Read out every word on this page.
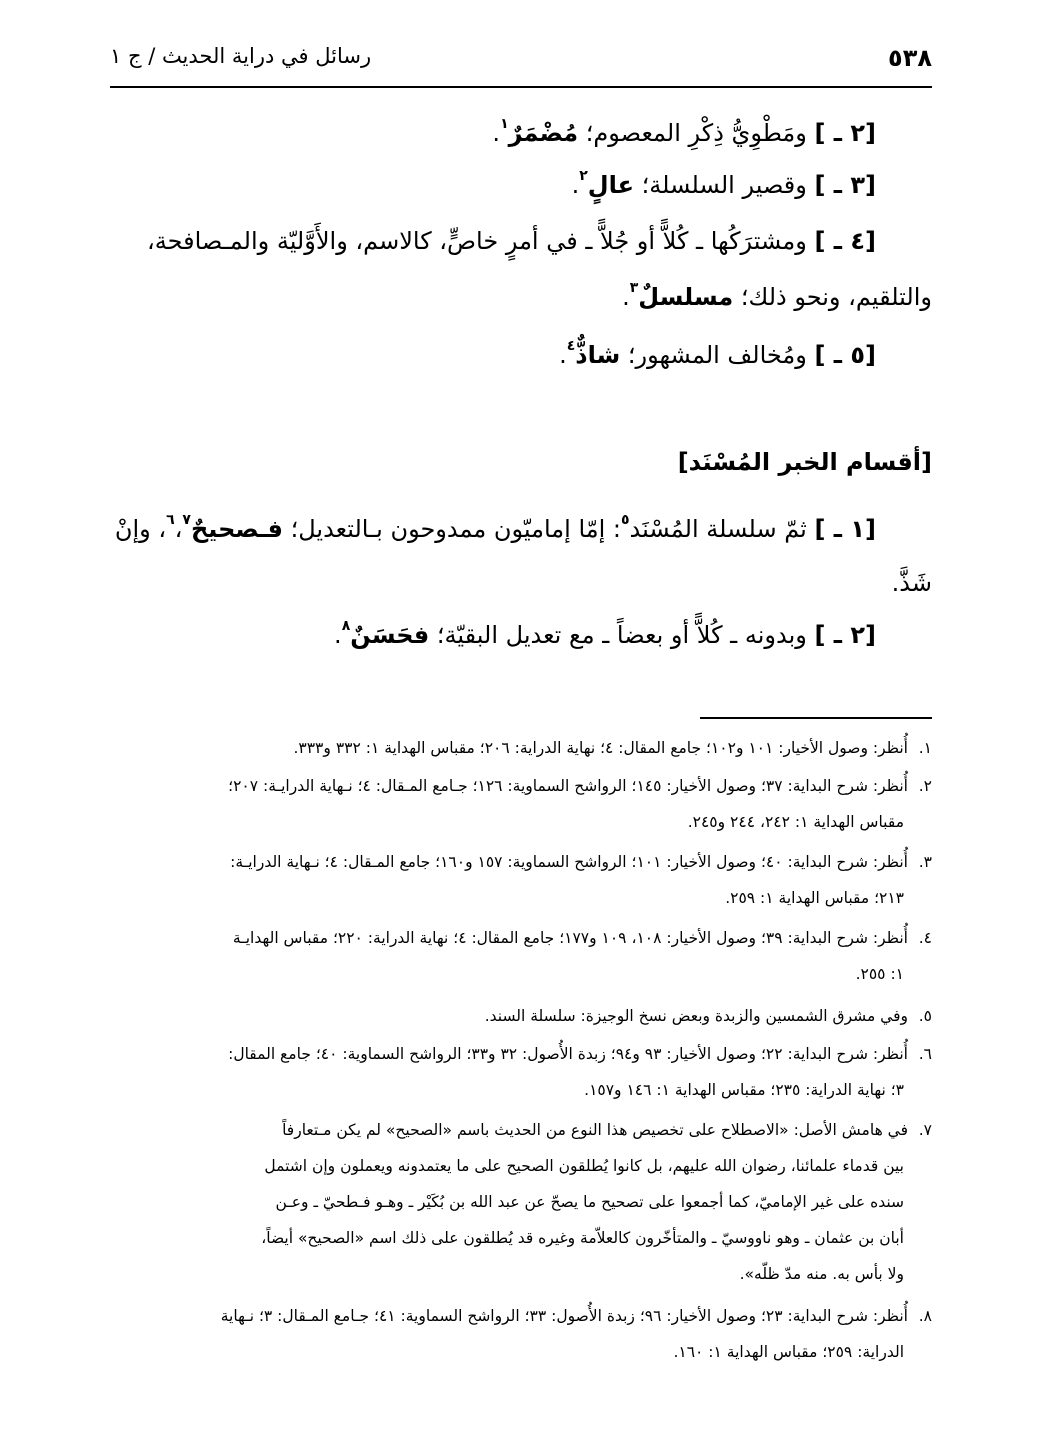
٥٣٨
رسائل في دراية الحديث / ج ١
[٢ ـ ] ومَطْوِيُّ ذِكْرِ المعصوم؛ مُضْمَرٌ$^١$.
[٣ ـ ] وقصير السلسلة؛ عالٍ$^٢$.
[٤ ـ ] ومشترَكُها ـ كُلاًّ أو جُلاًّ ـ في أمرٍ خاصٍّ، كالاسم، والأَوَّليّة والمـصافحة،
والتلقيم، ونحو ذلك؛ مسلسلٌ$^٣$.
[٥ ـ ] ومُخالف المشهور؛ شاذٌّ$^٤$.
[أقسام الخبر المُسْنَد]
[١ ـ ] ثمّ سلسلة المُسْنَد$^٥$: إمّا إماميّون ممدوحون بـالتعديل؛ فـصحيحٌ$^٦$،$^٧$، وإنْ
شَذَّ.
[٢ ـ ] وبدونه ـ كُلاًّ أو بعضاً ـ مع تعديل البقيّة؛ فحَسَنٌ$^٨$.
١.أُنظر: وصول الأخيار: ١٠١ و١٠٢؛ جامع المقال: ٤؛ نهاية الدراية: ٢٠٦؛ مقباس الهداية ١: ٣٣٢ و٣٣٣.
٢.أُنظر: شرح البداية: ٣٧؛ وصول الأخيار: ١٤٥؛ الرواشح السماوية: ١٢٦؛ جـامع المـقال: ٤؛ نـهاية الدرايـة: ٢٠٧؛
مقباس الهداية ١: ٢٤٢، ٢٤٤ و٢٤٥.
٣.أُنظر: شرح البداية: ٤٠؛ وصول الأخيار: ١٠١؛ الرواشح السماوية: ١٥٧ و١٦٠؛ جامع المـقال: ٤؛ نـهاية الدرايـة:
٢١٣؛ مقباس الهداية ١: ٢٥٩.
٤.أُنظر: شرح البداية: ٣٩؛ وصول الأخيار: ١٠٨، ١٠٩ و١٧٧؛ جامع المقال: ٤؛ نهاية الدراية: ٢٢٠؛ مقباس الهدايـة
١: ٢٥٥.
٥.وفي مشرق الشمسين والزبدة وبعض نسخ الوجيزة: سلسلة السند.
٦.أُنظر: شرح البداية: ٢٢؛ وصول الأخيار: ٩٣ و٩٤؛ زبدة الأُصول: ٣٢ و٣٣؛ الرواشح السماوية: ٤٠؛ جامع المقال:
٣؛ نهاية الدراية: ٢٣٥؛ مقباس الهداية ١: ١٤٦ و١٥٧.
٧.في هامش الأصل: «الاصطلاح على تخصيص هذا النوع من الحديث باسم «الصحيح» لم يكن مـتعارفاً
بين قدماء علمائنا، رضوان الله عليهم، بل كانوا يُطلقون الصحيح على ما يعتمدونه ويعملون وإن اشتمل
سنده على غير الإماميّ، كما أجمعوا على تصحيح ما يصحّ عن عبد الله بن بُكَيْر ـ وهـو فـطحيّ ـ وعـن
أبان بن عثمان ـ وهو ناووسيّ ـ والمتأخّرون كالعلاّمة وغيره قد يُطلقون على ذلك اسم «الصحيح» أيضاً،
ولا بأس به. منه مدّ ظلّه».
٨.أُنظر: شرح البداية: ٢٣؛ وصول الأخيار: ٩٦؛ زبدة الأُصول: ٣٣؛ الرواشح السماوية: ٤١؛ جـامع المـقال: ٣؛ نـهاية
الدراية: ٢٥٩؛ مقباس الهداية ١: ١٦٠.
